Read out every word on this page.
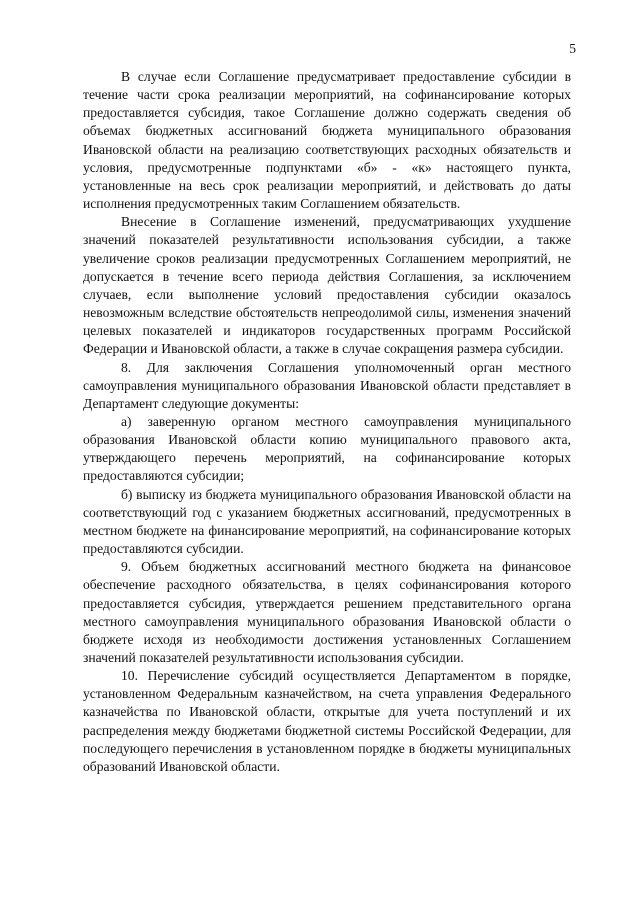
5

В случае если Соглашение предусматривает предоставление субсидии в течение части срока реализации мероприятий, на софинансирование которых предоставляется субсидия, такое Соглашение должно содержать сведения об объемах бюджетных ассигнований бюджета муниципального образования Ивановской области на реализацию соответствующих расходных обязательств и условия, предусмотренные подпунктами «б» - «к» настоящего пункта, установленные на весь срок реализации мероприятий, и действовать до даты исполнения предусмотренных таким Соглашением обязательств.

Внесение в Соглашение изменений, предусматривающих ухудшение значений показателей результативности использования субсидии, а также увеличение сроков реализации предусмотренных Соглашением мероприятий, не допускается в течение всего периода действия Соглашения, за исключением случаев, если выполнение условий предоставления субсидии оказалось невозможным вследствие обстоятельств непреодолимой силы, изменения значений целевых показателей и индикаторов государственных программ Российской Федерации и Ивановской области, а также в случае сокращения размера субсидии.

8. Для заключения Соглашения уполномоченный орган местного самоуправления муниципального образования Ивановской области представляет в Департамент следующие документы:

а) заверенную органом местного самоуправления муниципального образования Ивановской области копию муниципального правового акта, утверждающего перечень мероприятий, на софинансирование которых предоставляются субсидии;

б) выписку из бюджета муниципального образования Ивановской области на соответствующий год с указанием бюджетных ассигнований, предусмотренных в местном бюджете на финансирование мероприятий, на софинансирование которых предоставляются субсидии.

9. Объем бюджетных ассигнований местного бюджета на финансовое обеспечение расходного обязательства, в целях софинансирования которого предоставляется субсидия, утверждается решением представительного органа местного самоуправления муниципального образования Ивановской области о бюджете исходя из необходимости достижения установленных Соглашением значений показателей результативности использования субсидии.

10. Перечисление субсидий осуществляется Департаментом в порядке, установленном Федеральным казначейством, на счета управления Федерального казначейства по Ивановской области, открытые для учета поступлений и их распределения между бюджетами бюджетной системы Российской Федерации, для последующего перечисления в установленном порядке в бюджеты муниципальных образований Ивановской области.
